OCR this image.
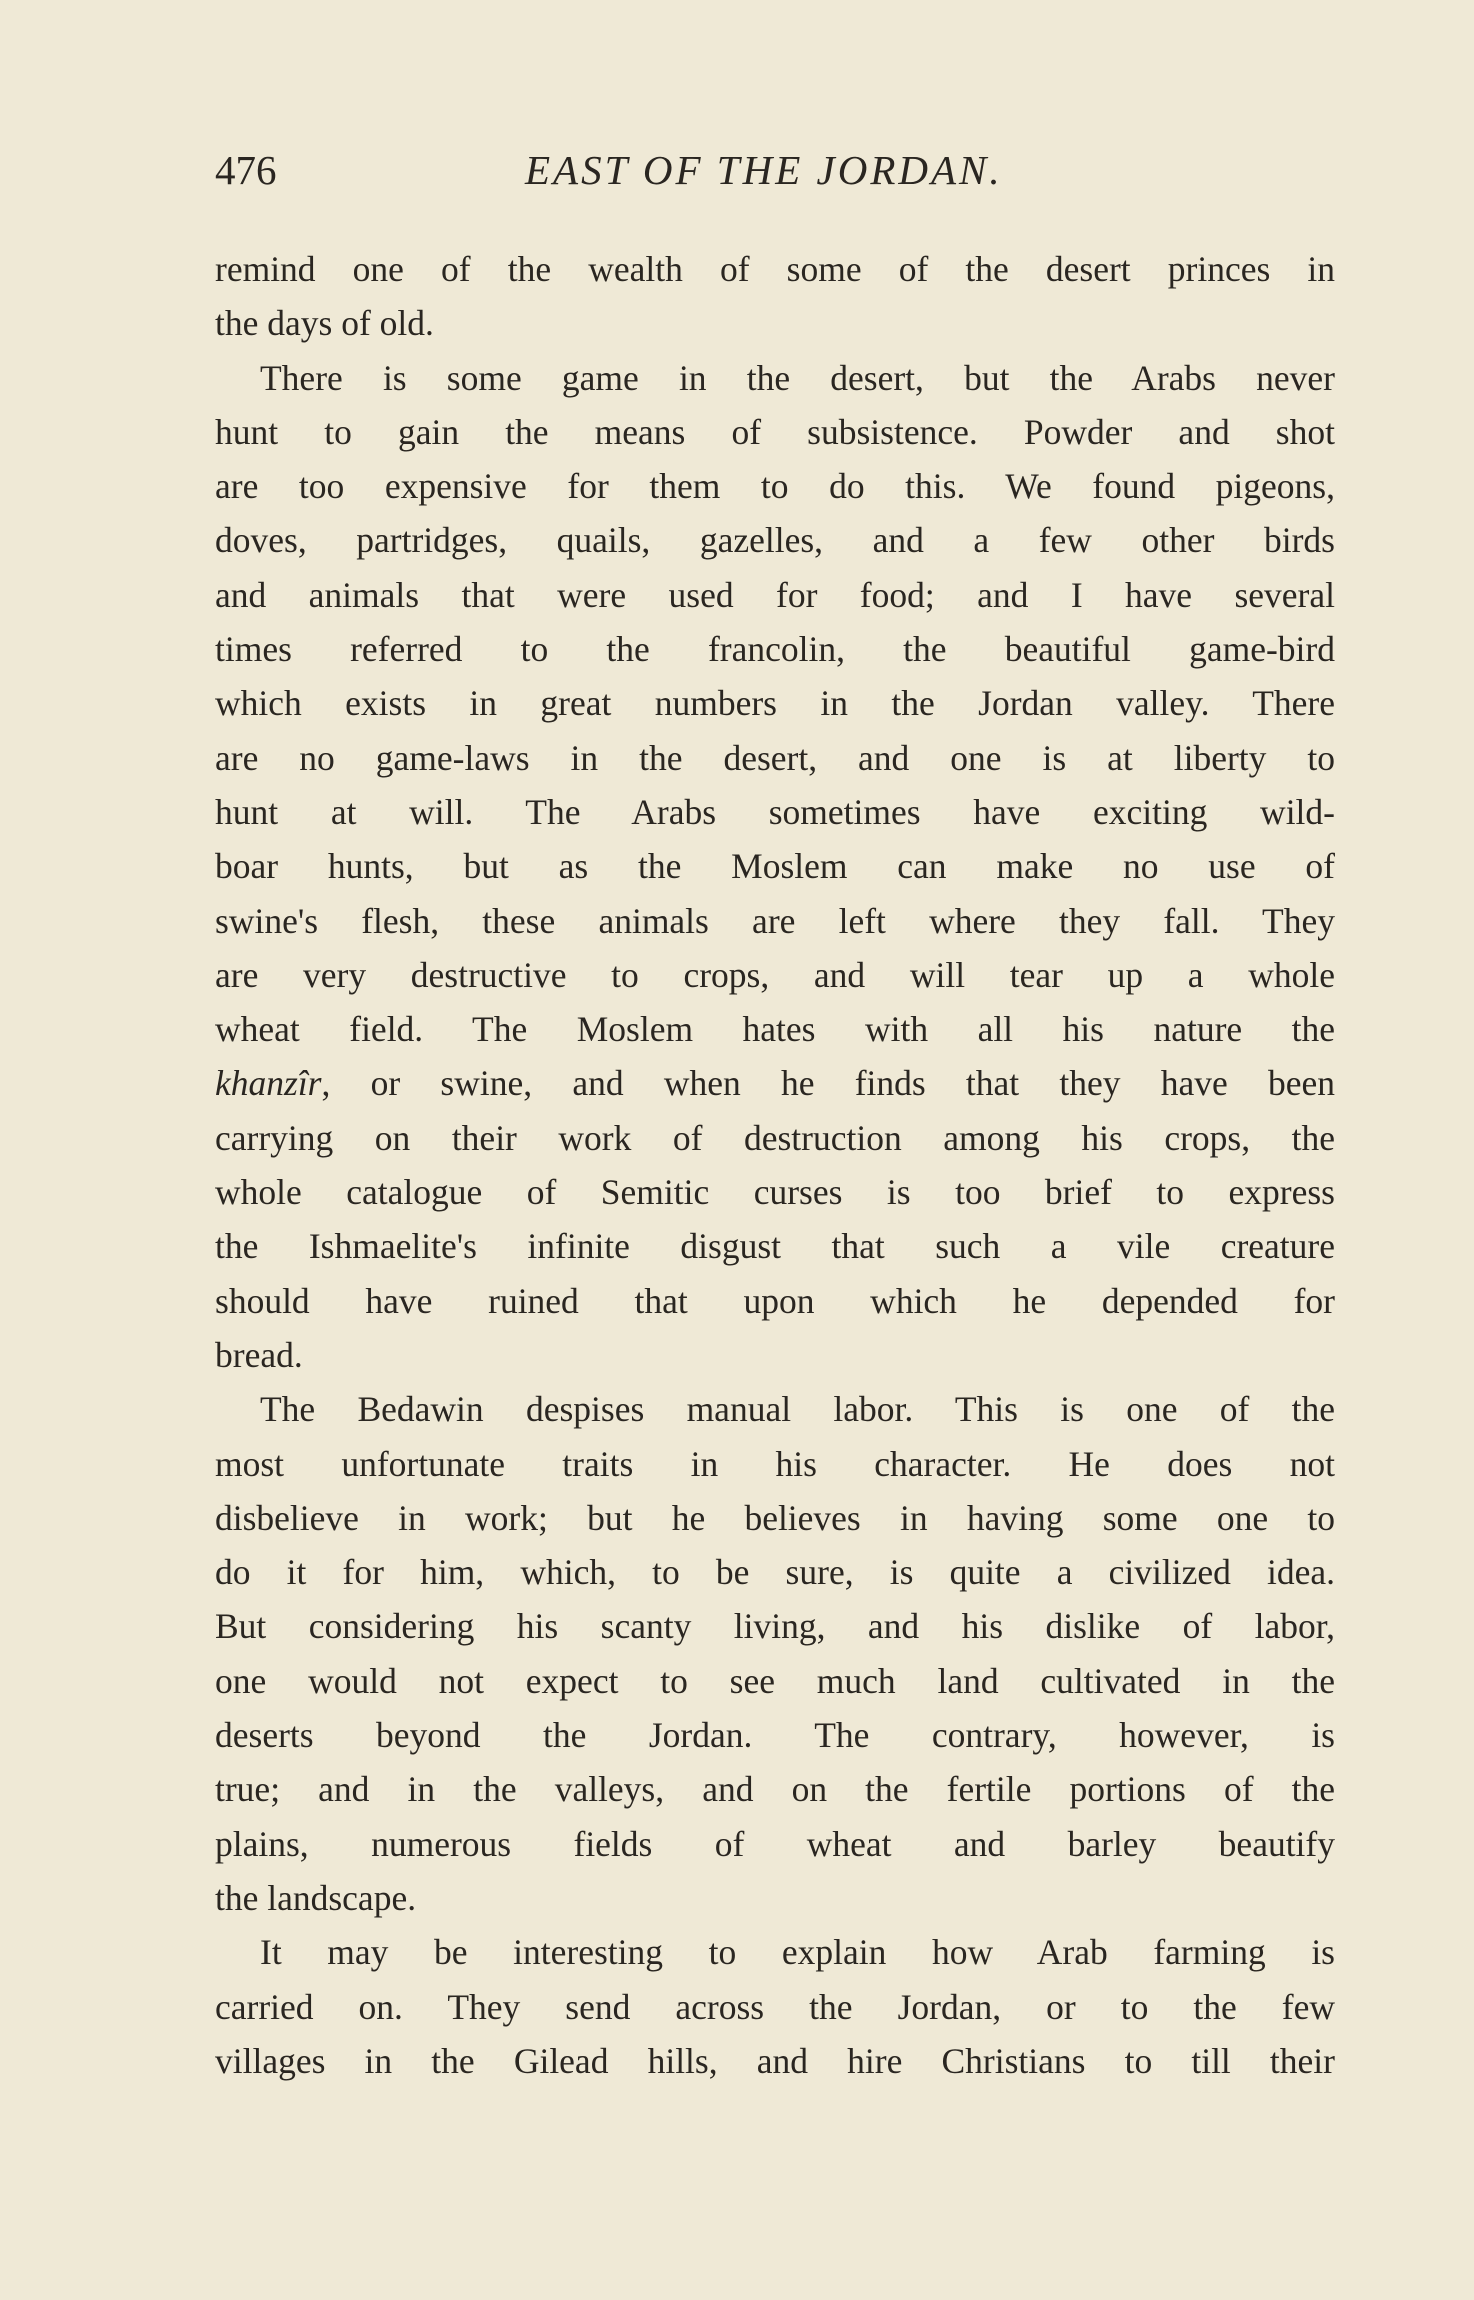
476	EAST OF THE JORDAN.
remind one of the wealth of some of the desert princes in
the days of old.
There is some game in the desert, but the Arabs never
hunt to gain the means of subsistence. Powder and shot
are too expensive for them to do this. We found pigeons,
doves, partridges, quails, gazelles, and a few other birds
and animals that were used for food; and I have several
times referred to the francolin, the beautiful game-bird
which exists in great numbers in the Jordan valley. There
are no game-laws in the desert, and one is at liberty to
hunt at will. The Arabs sometimes have exciting wild-
boar hunts, but as the Moslem can make no use of
swine's flesh, these animals are left where they fall. They
are very destructive to crops, and will tear up a whole
wheat field. The Moslem hates with all his nature the
khanzîr, or swine, and when he finds that they have been
carrying on their work of destruction among his crops, the
whole catalogue of Semitic curses is too brief to express
the Ishmaelite's infinite disgust that such a vile creature
should have ruined that upon which he depended for
bread.
The Bedawin despises manual labor. This is one of the
most unfortunate traits in his character. He does not
disbelieve in work; but he believes in having some one to
do it for him, which, to be sure, is quite a civilized idea.
But considering his scanty living, and his dislike of labor,
one would not expect to see much land cultivated in the
deserts beyond the Jordan. The contrary, however, is
true; and in the valleys, and on the fertile portions of the
plains, numerous fields of wheat and barley beautify
the landscape.
It may be interesting to explain how Arab farming is
carried on. They send across the Jordan, or to the few
villages in the Gilead hills, and hire Christians to till their
